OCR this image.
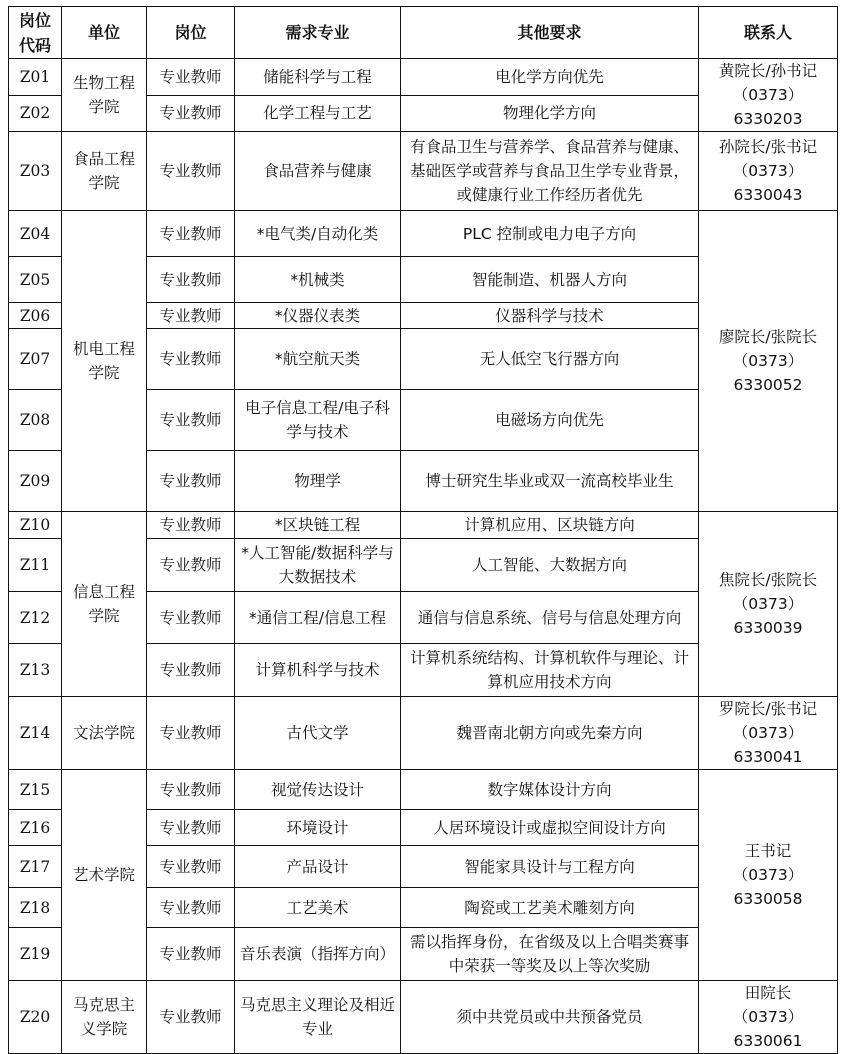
岗位
代码	单位	岗位	需求专业	其他要求	联系人
Z01	生物工程学院	专业教师	储能科学与工程	电化学方向优先	黄院长/孙书记
（0373）6330203

Z02		专业教师	化学工程与工艺	物理化学方向	
Z03	食品工程学院	专业教师	食品营养与健康	有食品卫生与营养学、食品营养与健康、基础医学或营养与食品卫生学专业背景，或健康行业工作经历者优先	孙院长/张书记
（0373）6330043

Z04	机电工程学院	专业教师	*电气类/自动化类	PLC 控制或电力电子方向	廖院长/张院长
（0373）6330052

Z05		专业教师	*机械类	智能制造、机器人方向	
Z06		专业教师	*仪器仪表类	仪器科学与技术	
Z07		专业教师	*航空航天类	无人低空飞行器方向	
Z08		专业教师	电子信息工程/电子科学与技术	电磁场方向优先	
Z09		专业教师	物理学	博士研究生毕业或双一流高校毕业生	
Z10	信息工程学院	专业教师	*区块链工程	计算机应用、区块链方向	焦院长/张院长
（0373）6330039

Z11		专业教师	*人工智能/数据科学与大数据技术	人工智能、大数据方向	
Z12		专业教师	*通信工程/信息工程	通信与信息系统、信号与信息处理方向	
Z13		专业教师	计算机科学与技术	计算机系统结构、计算机软件与理论、计算机应用技术方向	
Z14	文法学院	专业教师	古代文学	魏晋南北朝方向或先秦方向	罗院长/张书记
（0373）6330041

Z15	艺术学院	专业教师	视觉传达设计	数字媒体设计方向	王书记
（0373）6330058

Z16		专业教师	环境设计	人居环境设计或虚拟空间设计方向	
Z17		专业教师	产品设计	智能家具设计与工程方向	
Z18		专业教师	工艺美术	陶瓷或工艺美术雕刻方向	
Z19		专业教师	音乐表演（指挥方向）	需以指挥身份，在省级及以上合唱类赛事中荣获一等奖及以上等次奖励	
Z20	马克思主义学院	专业教师	马克思主义理论及相近专业	须中共党员或中共预备党员	田院长
（0373）6330061
